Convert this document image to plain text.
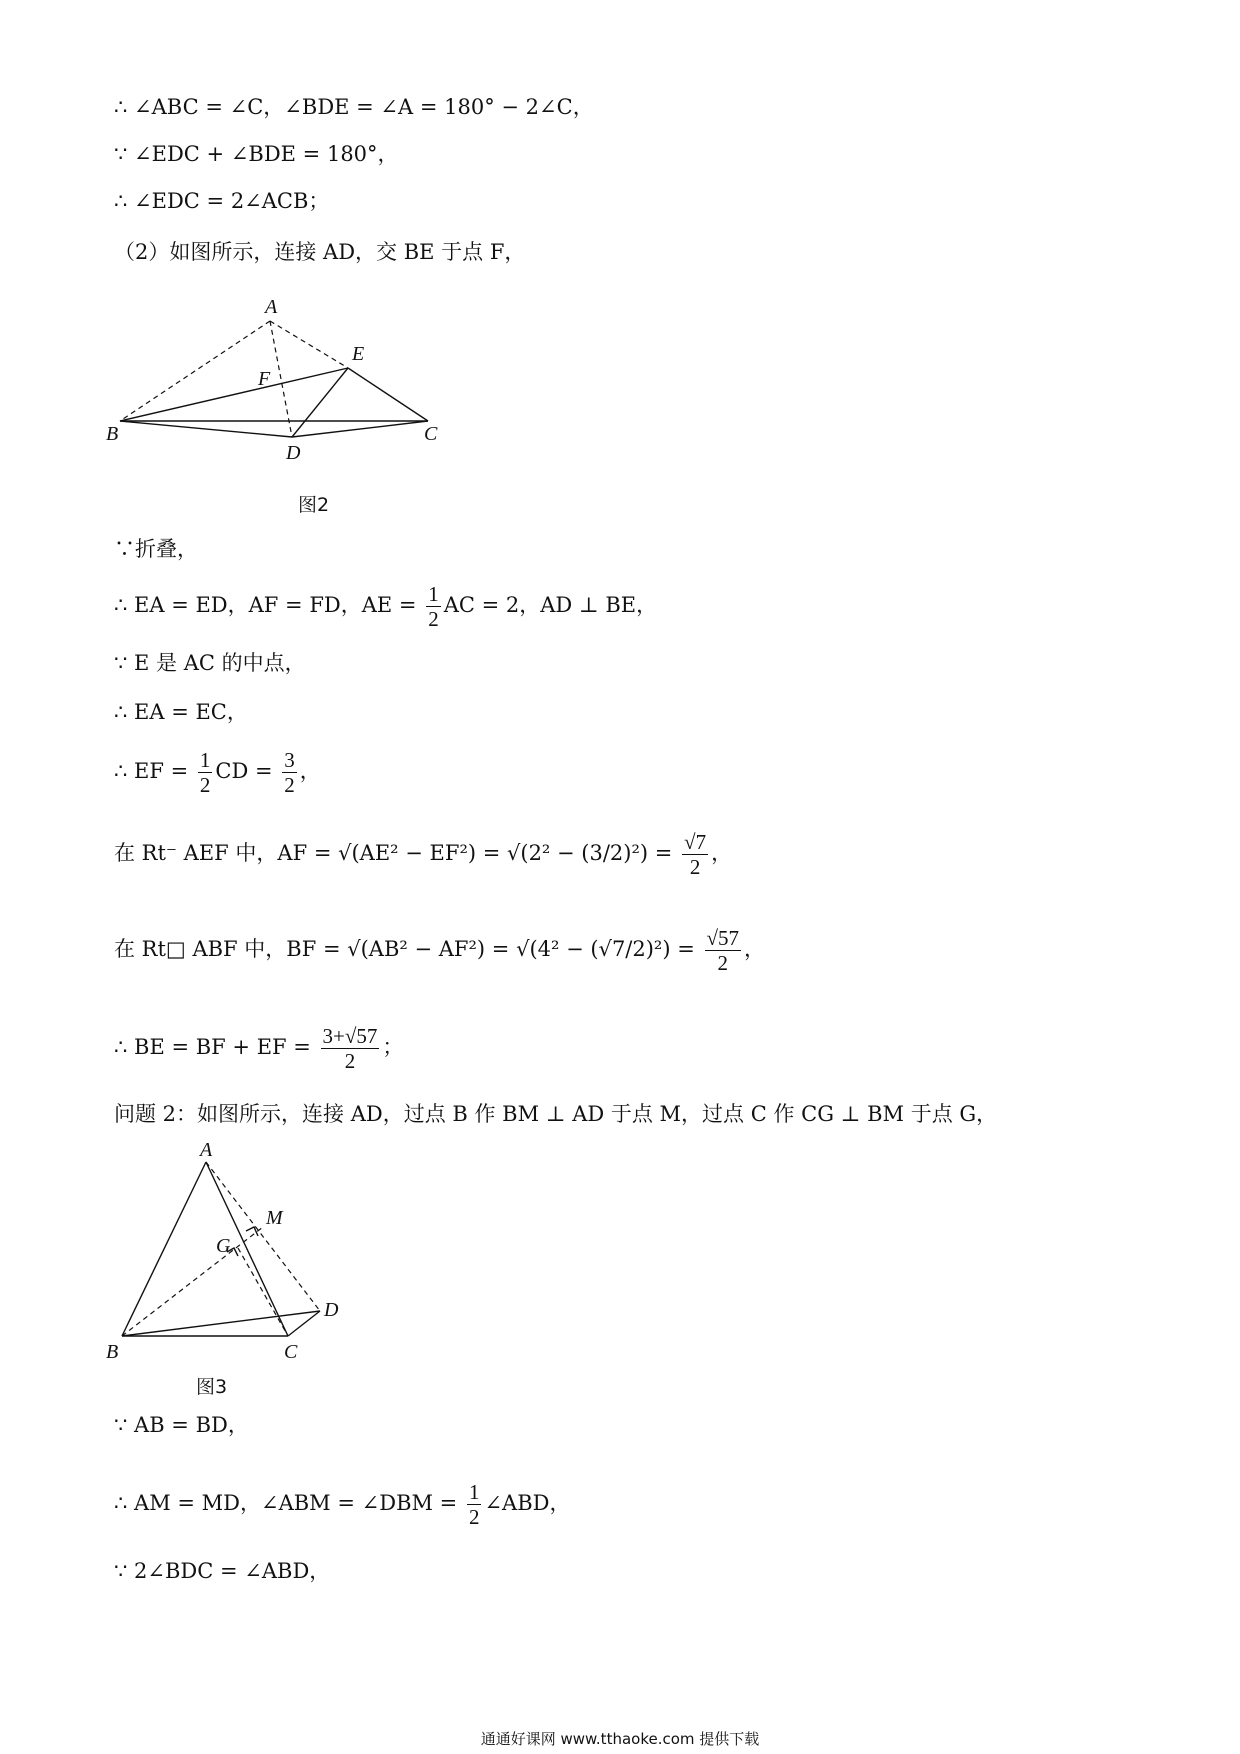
∴ ∠ABC = ∠C，∠BDE = ∠A = 180° − 2∠C，
∵ ∠EDC + ∠BDE = 180°，
∴ ∠EDC = 2∠ACB；
（2）如图所示，连接 AD，交 BE 于点 F，
A
B	C
D
E
F
图2
∵折叠，
∴ EA = ED，AF = FD，AE = $\frac{1}{2}$ AC = 2，AD ⊥ BE，
∵ E 是 AC 的中点，
∴ EA = EC，
∴ EF = $\frac{1}{2}$ CD = $\frac{3}{2}$ ，
在 Rt⁻ AEF 中，AF = $√(AE^2 - EF^2) = √(2^2 - (3/2)^2) = \frac{√7}{2}$ ，
在 Rt□ ABF 中，BF = $√(AB^2 - AF^2) = √(4^2 - (√7/2)^2) = \frac{√57}{2}$ ，
∴ BE = BF + EF = $\frac{3+√57}{2}$ ；
问题 2：如图所示，连接 AD，过点 B 作 BM ⊥ AD 于点 M，过点 C 作 CG ⊥ BM 于点 G，
A
B	C
D
G
M
图3
∵ AB = BD，
∴ AM = MD，∠ABM = ∠DBM = $\frac{1}{2}$ ∠ABD，
∵ 2∠BDC = ∠ABD，
通通好课网 www.tthaoke.com 提供下载
